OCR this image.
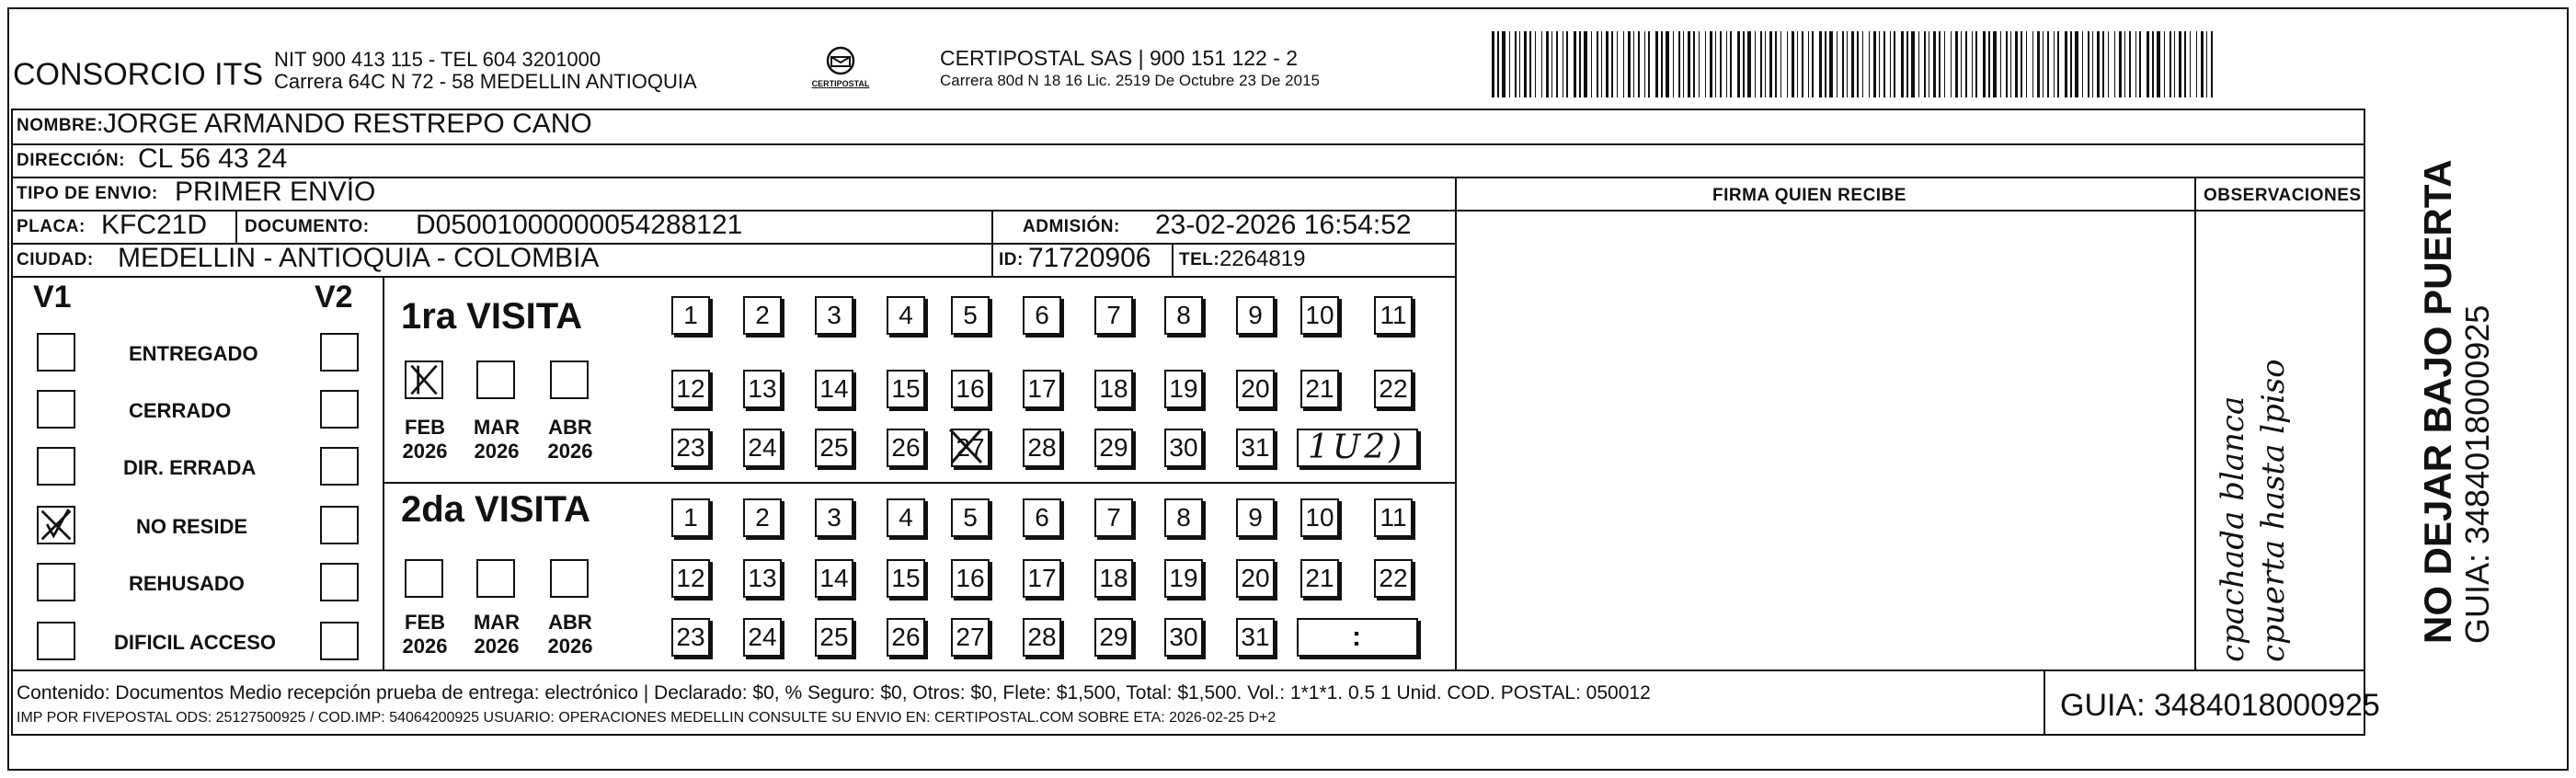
CONSORCIO ITS NIT 900 413 115 - TEL 604 3201000
Carrera 64C N 72 - 58 MEDELLIN ANTIOQUIA	CERTIPOSTAL
CERTIPOSTAL SAS | 900 151 122 - 2
Carrera 80d N 18 16 Lic. 2519 De Octubre 23 De 2015
NOMBRE: JORGE ARMANDO RESTREPO CANO
DIRECCIÓN: CL 56 43 24
TIPO DE ENVIO: PRIMER ENVÍO	FIRMA QUIEN RECIBE	OBSERVACIONES
PLACA: KFC21D DOCUMENTO: D05001000000054288121	ADMISIÓN: 23-02-2026 16:54:52
CIUDAD: MEDELLIN - ANTIOQUIA - COLOMBIA	ID: 71720906 TEL: 2264819
V1	V2
ENTREGADO
CERRADO
DIR. ERRADA
NO RESIDE
REHUSADO
DIFICIL ACCESO
1ra VISITA
2da VISITA
FEB
2026
MAR
2026
ABR
2026
FEB
2026
MAR
2026
ABR
2026
1	2	3	4	5	6	7	8	9	10 11
12 13 14 15 16 17 18 19 20 21 22
23 24 25 26 27 28 29 30 31
1	2	3	4	5	6	7	8	9	10 11
12 13 14 15 16 17 18 19 20 21 22
23 24 25 26 27 28 29 30 31
1U2)
:	cpachada blanca cpuerta hasta lpiso
Contenido: Documentos Medio recepción prueba de entrega: electrónico | Declarado: $0, % Seguro: $0, Otros: $0, Flete: $1,500, Total: $1,500. Vol.: 1*1*1. 0.5 1 Unid. COD. POSTAL: 050012
IMP POR FIVEPOSTAL ODS: 25127500925 / COD.IMP: 54064200925 USUARIO: OPERACIONES MEDELLIN CONSULTE SU ENVIO EN: CERTIPOSTAL.COM SOBRE ETA: 2026-02-25 D+2	GUIA: 3484018000925
NO DEJAR BAJO PUERTA GUIA: 3484018000925
